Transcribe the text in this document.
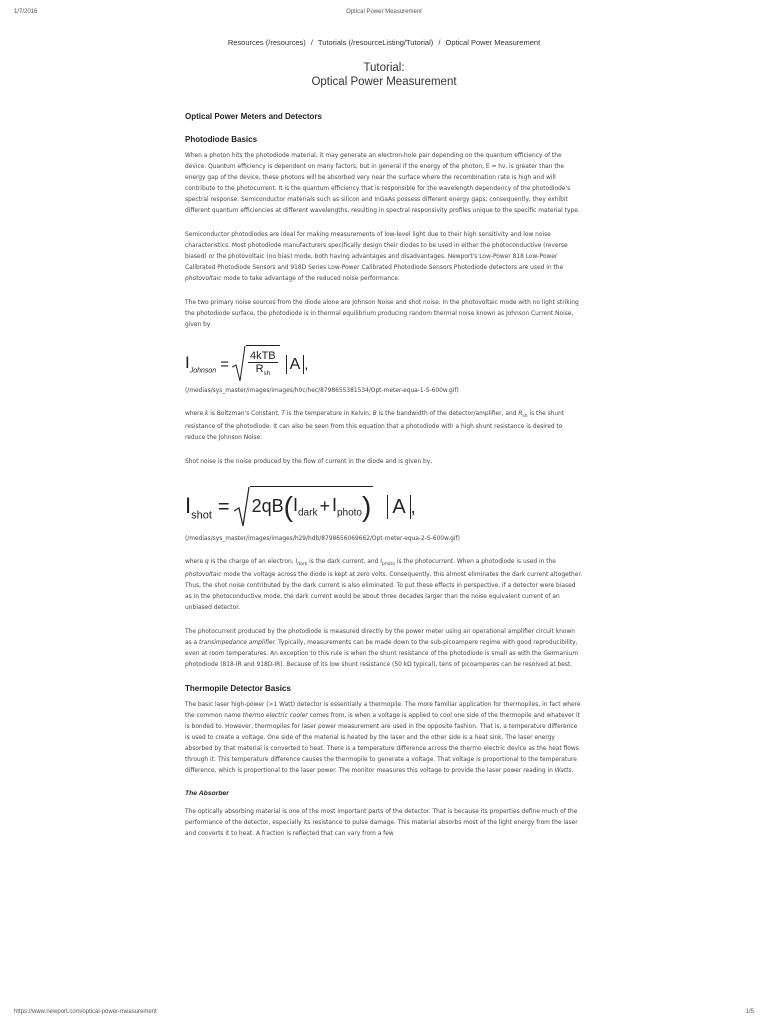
1/7/2016	Optical Power Measurement
Resources (/resources) / Tutorials (/resourceListing/Tutorial) / Optical Power Measurement
Tutorial:
Optical Power Measurement
Optical Power Meters and Detectors
Photodiode Basics

When a photon hits the photodiode material, it may generate an electron-hole pair depending on the quantum efficiency of the device. Quantum efficiency is dependent on many factors, but in general if the energy of the photon, E = hν, is greater than the energy gap of the device, these photons will be absorbed very near the surface where the recombination rate is high and will contribute to the photocurrent. It is the quantum efficiency that is responsible for the wavelength dependency of the photodiode's spectral response. Semiconductor materials such as silicon and InGaAs possess different energy gaps; consequently, they exhibit different quantum efficiencies at different wavelengths, resulting in spectral responsivity profiles unique to the specific material type.

Semiconductor photodiodes are ideal for making measurements of low-level light due to their high sensitivity and low noise characteristics. Most photodiode manufacturers specifically design their diodes to be used in either the photoconductive (reverse biased) or the photovoltaic (no bias) mode, both having advantages and disadvantages. Newport's Low-Power 818 Low-Power Calibrated Photodiode Sensors and 918D Series Low-Power Calibrated Photodiode Sensors Photodiode detectors are used in the photovoltaic mode to take advantage of the reduced noise performance.

The two primary noise sources from the diode alone are Johnson Noise and shot noise. In the photovoltaic mode with no light striking the photodiode surface, the photodiode is in thermal equilibrium producing random thermal noise known as Johnson Current Noise, given by

$I_{Johnson} = \frac{\text{4kTB}}{R_{sh}}$ A ,
(/medias/sys_master/images/images/h0c/hec/8798655381534/Opt-meter-equa-1-S-600w.gif)

where k is Boltzman's Constant, T is the temperature in Kelvin, B is the bandwidth of the detector/amplifier, and $R_{sh}$ is the shunt resistance of the photodiode. It can also be seen from this equation that a photodiode with a high shunt resistance is desired to reduce the Johnson Noise.

Shot noise is the noise produced by the flow of current in the diode and is given by,

$I_{shot} = 2qB$ ( $I_{dark} + I_{photo}$ ) A ,
(/medias/sys_master/images/images/h29/hdb/8798656069662/Opt-meter-equa-2-S-600w.gif)

where q is the charge of an electron, $I_{dark}$ is the dark current, and $I_{photo}$ is the photocurrent. When a photodiode is used in the photovoltaic mode the voltage across the diode is kept at zero volts. Consequently, this almost eliminates the dark current altogether. Thus, the shot noise contributed by the dark current is also eliminated. To put these effects in perspective, if a detector were biased as in the photoconductive mode, the dark current would be about three decades larger than the noise equivalent current of an unbiased detector.

The photocurrent produced by the photodiode is measured directly by the power meter using an operational amplifier circuit known as a transimpedance amplifier. Typically, measurements can be made down to the sub-picoampere regime with good reproducibility, even at room temperatures. An exception to this rule is when the shunt resistance of the photodiode is small as with the Germanium photodiode (818-IR and 918D-IR). Because of its low shunt resistance (50 kΩ typical), tens of picoamperes can be resolved at best.

Thermopile Detector Basics

The basic laser high-power (>1 Watt) detector is essentially a thermopile. The more familiar application for thermopiles, in fact where the common name thermo electric cooler comes from, is when a voltage is applied to cool one side of the thermopile and whatever it is bonded to. However, thermopiles for laser power measurement are used in the opposite fashion. That is, a temperature difference is used to create a voltage. One side of the material is heated by the laser and the other side is a heat sink. The laser energy absorbed by that material is converted to heat. There is a temperature difference across the thermo electric device as the heat flows through it. This temperature difference causes the thermopile to generate a voltage. That voltage is proportional to the temperature difference, which is proportional to the laser power. The monitor measures this voltage to provide the laser power reading in Watts.

The Absorber

The optically absorbing material is one of the most important parts of the detector. That is because its properties define much of the performance of the detector, especially its resistance to pulse damage. This material absorbs most of the light energy from the laser and converts it to heat. A fraction is reflected that can vary from a few

https://www.newport.com/optical-power-measurement	1/5
